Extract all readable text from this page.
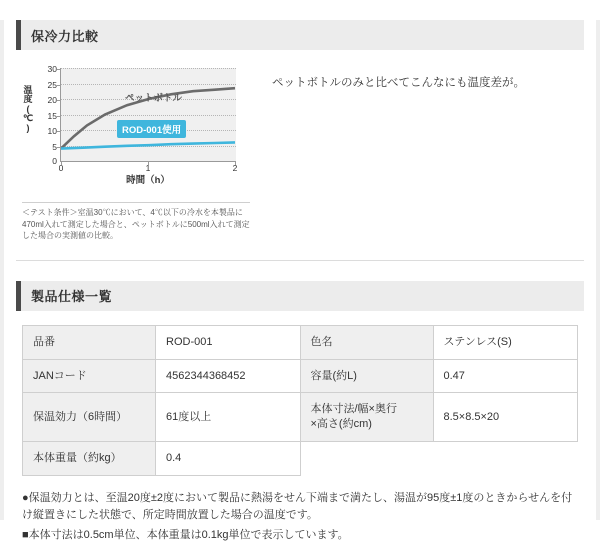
保冷力比較
温
度
(
℃
)
30
25
20
15
10
5
0
0	1	2
ペットボトル
ROD-001使用
時間（h）
＜テスト条件＞室温30℃において、4℃以下の冷水を本製品に470ml入れて測定した場合と、ペットボトルに500ml入れて測定した場合の実測値の比較。
ペットボトルのみと比べてこんなにも温度差が。
製品仕様一覧
品番	ROD-001	色名	ステンレス(S)
JANコード	4562344368452	容量(約L)	0.47
保温効力（6時間）	61度以上	本体寸法/幅×奥行
×高さ(約cm)	8.5×8.5×20
本体重量（約kg）	0.4		

●保温効力とは、至温20度±2度において製品に熱湯をせん下端まで満たし、湯温が95度±1度のときからせんを付け縦置きにした状態で、所定時間放置した場合の温度です。

■本体寸法は0.5cm単位、本体重量は0.1kg単位で表示しています。
